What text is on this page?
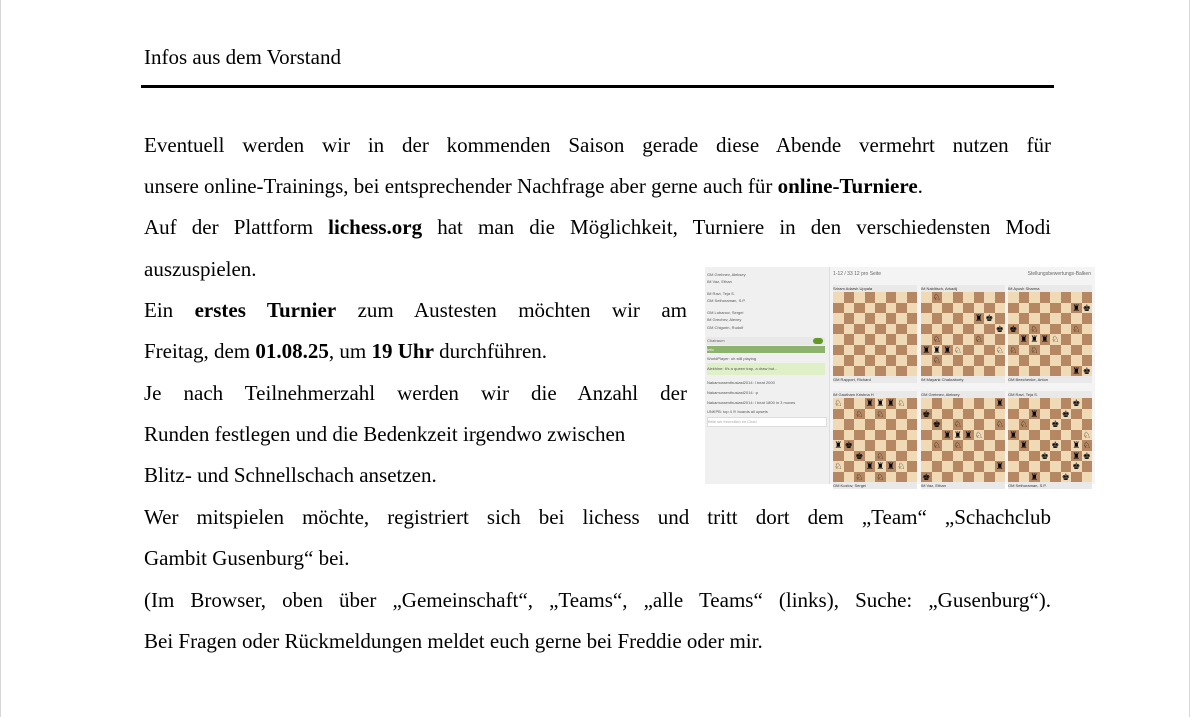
Infos aus dem Vorstand
Eventuell werden wir in der kommenden Saison gerade diese Abende vermehrt nutzen für
unsere online-Trainings, bei entsprechender Nachfrage aber gerne auch für online-Turniere.
Auf der Plattform lichess.org hat man die Möglichkeit, Turniere in den verschiedensten Modi
auszuspielen.
Ein erstes Turnier zum Austesten möchten wir am
Freitag, dem 01.08.25, um 19 Uhr durchführen.
Je nach Teilnehmerzahl werden wir die Anzahl der
Runden festlegen und die Bedenkzeit irgendwo zwischen
Blitz- und Schnellschach ansetzen.
Wer mitspielen möchte, registriert sich bei lichess und tritt dort dem „Team“ „Schachclub
Gambit Gusenburg“ bei.
(Im Browser, oben über „Gemeinschaft“, „Teams“, „alle Teams“ (links), Suche: „Gusenburg“).
Bei Fragen oder Rückmeldungen meldet euch gerne bei Freddie oder mir.
GM Grebnev, Aleksey
IM Vaz, Ethan
IM Ravi, Teja S.
GM Sethuraman, S.P.
GM Lubanov, Sergei
IM Grechev, Alexey
GM Chigorin, Rudolf
Chatraum
Info
WorldPlayer: oh still playing
Alekhine: It's a queen trap, a draw but...
Nakamuraenthusiast2014: I beat 2000
Nakamuraenthusiast2014: :p
Nakamuraenthusiast2014: I beat 1800 in 3 moves
UNKPB: top 4 !!! boards all upsets
Bitte sei freundlich im Chat!
1-12 / 33 12 pro Seite	Stellungsbewertungs-Balken
Sriram Adarsh Uppala
GM Rapport, Richard
IM Naiditsch, Arkadij
♘
♜ ♚
♚
♘	♘
♜ ♜ ♜ ♘	♘
♘
IM Mayank Chakraborty
IM Ayush Sharma
♜ ♚
♚ ♘	♘
♜ ♜ ♜ ♘
♘ ♘
♜ ♚
GM Beechenke, Anton
IM Gautham Krishna H
♘	♜ ♜ ♜ ♘
♘ ♘
♜ ♚
♚ ♘
♘	♜ ♜ ♜ ♘
♘ ♘
GM Kozlov, Sergei
GM Grebnev, Aleksey
♜
♚
♚ ♘	♘
♜ ♜ ♜ ♘
♘ ♘
♜
♚
IM Vaz, Ethan
GM Ravi, Teja S.
♚
♜	♚
♘	♚
♜	♘
♜	♚ ♜ ♘
♚	♜ ♚
♚
♜	♚
GM Sethuraman, S.P.
